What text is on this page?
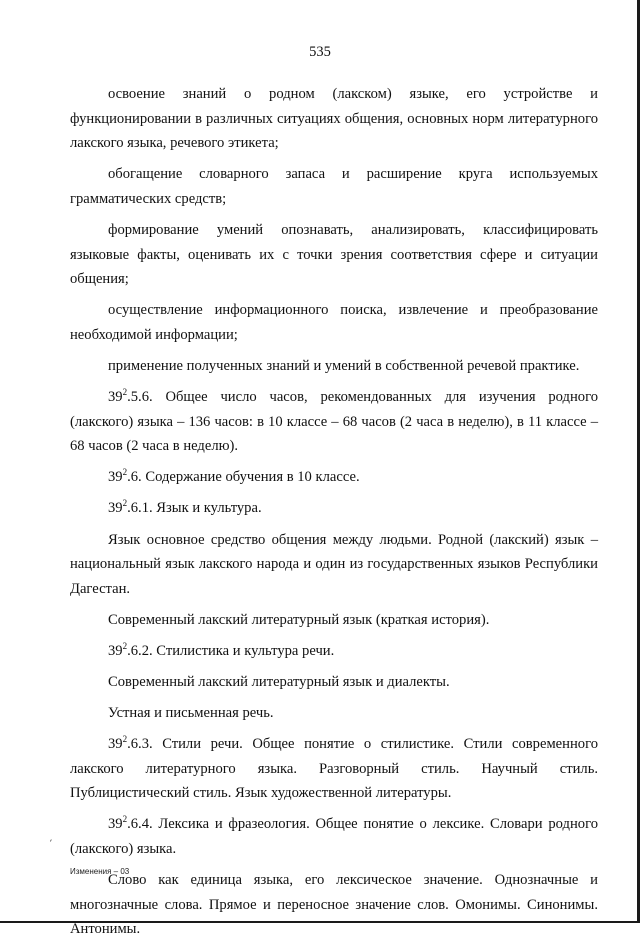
535

освоение знаний о родном (лакском) языке, его устройстве и функционировании в различных ситуациях общения, основных норм литературного лакского языка, речевого этикета;

обогащение словарного запаса и расширение круга используемых грамматических средств;

формирование умений опознавать, анализировать, классифицировать языковые факты, оценивать их с точки зрения соответствия сфере и ситуации общения;

осуществление информационного поиска, извлечение и преобразование необходимой информации;

применение полученных знаний и умений в собственной речевой практике.

$39^2.5.6$. Общее число часов, рекомендованных для изучения родного (лакского) языка – 136 часов: в 10 классе – 68 часов (2 часа в неделю), в 11 классе – 68 часов (2 часа в неделю).

$39^2.6$. Содержание обучения в 10 классе.

$39^2.6.1$. Язык и культура.

Язык основное средство общения между людьми. Родной (лакский) язык – национальный язык лакского народа и один из государственных языков Республики Дагестан.

Современный лакский литературный язык (краткая история).

$39^2.6.2$. Стилистика и культура речи.

Современный лакский литературный язык и диалекты.

Устная и письменная речь.

$39^2.6.3$. Стили речи. Общее понятие о стилистике. Стили современного лакского литературного языка. Разговорный стиль. Научный стиль. Публицистический стиль. Язык художественной литературы.

$39^2.6.4$. Лексика и фразеология. Общее понятие о лексике. Словари родного (лакского) языка.

Слово как единица языка, его лексическое значение. Однозначные и многозначные слова. Прямое и переносное значение слов. Омонимы. Синонимы. Антонимы.

ˊ
Изменения – 03
